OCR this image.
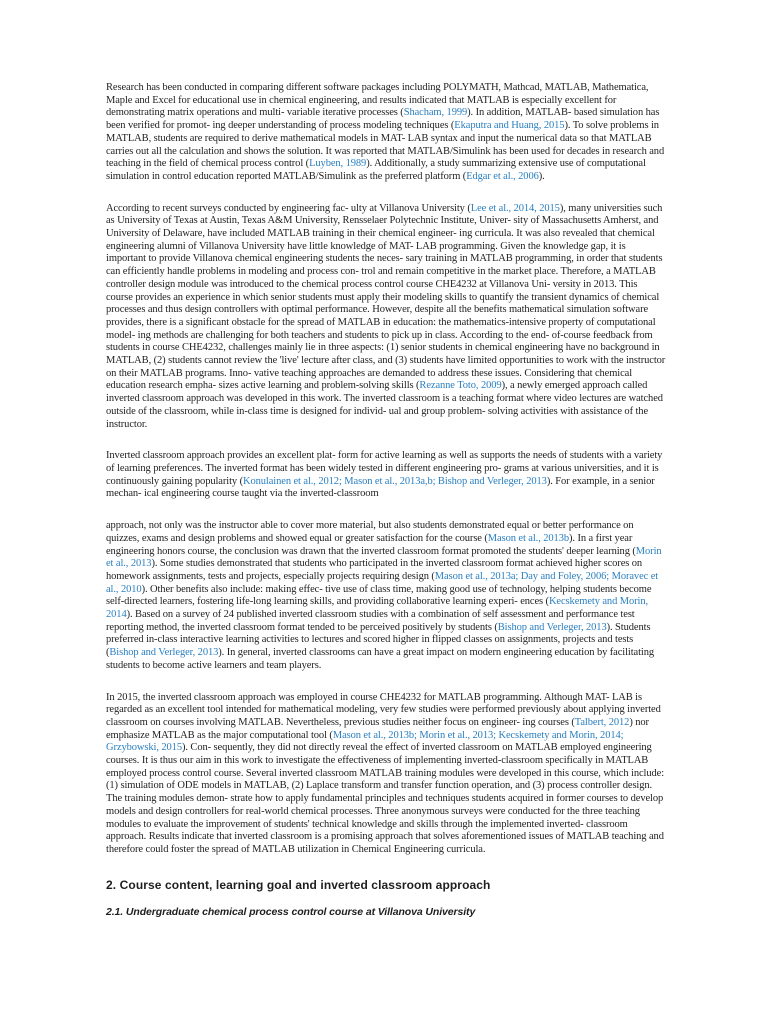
Research has been conducted in comparing different software packages including POLYMATH, Mathcad, MATLAB, Mathematica, Maple and Excel for educational use in chemical engineering, and results indicated that MATLAB is especially excellent for demonstrating matrix operations and multi- variable iterative processes (Shacham, 1999). In addition, MATLAB- based simulation has been verified for promot- ing deeper understanding of process modeling techniques (Ekaputra and Huang, 2015). To solve problems in MATLAB, students are required to derive mathematical models in MAT- LAB syntax and input the numerical data so that MATLAB carries out all the calculation and shows the solution. It was reported that MATLAB/Simulink has been used for decades in research and teaching in the field of chemical process control (Luyben, 1989). Additionally, a study summarizing extensive use of computational simulation in control education reported MATLAB/Simulink as the preferred platform (Edgar et al., 2006).

According to recent surveys conducted by engineering fac- ulty at Villanova University (Lee et al., 2014, 2015), many universities such as University of Texas at Austin, Texas A&M University, Rensselaer Polytechnic Institute, Univer- sity of Massachusetts Amherst, and University of Delaware, have included MATLAB training in their chemical engineer- ing curricula. It was also revealed that chemical engineering alumni of Villanova University have little knowledge of MAT- LAB programming. Given the knowledge gap, it is important to provide Villanova chemical engineering students the neces- sary training in MATLAB programming, in order that students can efficiently handle problems in modeling and process con- trol and remain competitive in the market place. Therefore, a MATLAB controller design module was introduced to the chemical process control course CHE4232 at Villanova Uni- versity in 2013. This course provides an experience in which senior students must apply their modeling skills to quantify the transient dynamics of chemical processes and thus design controllers with optimal performance. However, despite all the benefits mathematical simulation software provides, there is a significant obstacle for the spread of MATLAB in education: the mathematics-intensive property of computational model- ing methods are challenging for both teachers and students to pick up in class. According to the end- of-course feedback from students in course CHE4232, challenges mainly lie in three aspects: (1) senior students in chemical engineering have no background in MATLAB, (2) students cannot review the 'live' lecture after class, and (3) students have limited opportunities to work with the instructor on their MATLAB programs. Inno- vative teaching approaches are demanded to address these issues. Considering that chemical education research empha- sizes active learning and problem-solving skills (Rezanne Toto, 2009), a newly emerged approach called inverted classroom approach was developed in this work. The inverted classroom is a teaching format where video lectures are watched outside of the classroom, while in-class time is designed for individ- ual and group problem- solving activities with assistance of the instructor.

Inverted classroom approach provides an excellent plat- form for active learning as well as supports the needs of students with a variety of learning preferences. The inverted format has been widely tested in different engineering pro- grams at various universities, and it is continuously gaining popularity (Konulainen et al., 2012; Mason et al., 2013a,b; Bishop and Verleger, 2013). For example, in a senior mechan- ical engineering course taught via the inverted-classroom

approach, not only was the instructor able to cover more material, but also students demonstrated equal or better performance on quizzes, exams and design problems and showed equal or greater satisfaction for the course (Mason et al., 2013b). In a first year engineering honors course, the conclusion was drawn that the inverted classroom format promoted the students' deeper learning (Morin et al., 2013). Some studies demonstrated that students who participated in the inverted classroom format achieved higher scores on homework assignments, tests and projects, especially projects requiring design (Mason et al., 2013a; Day and Foley, 2006; Moravec et al., 2010). Other benefits also include: making effec- tive use of class time, making good use of technology, helping students become self-directed learners, fostering life-long learning skills, and providing collaborative learning experi- ences (Kecskemety and Morin, 2014). Based on a survey of 24 published inverted classroom studies with a combination of self assessment and performance test reporting method, the inverted classroom format tended to be perceived positively by students (Bishop and Verleger, 2013). Students preferred in-class interactive learning activities to lectures and scored higher in flipped classes on assignments, projects and tests (Bishop and Verleger, 2013). In general, inverted classrooms can have a great impact on modern engineering education by facilitating students to become active learners and team players.

In 2015, the inverted classroom approach was employed in course CHE4232 for MATLAB programming. Although MAT- LAB is regarded as an excellent tool intended for mathematical modeling, very few studies were performed previously about applying inverted classroom on courses involving MATLAB. Nevertheless, previous studies neither focus on engineer- ing courses (Talbert, 2012) nor emphasize MATLAB as the major computational tool (Mason et al., 2013b; Morin et al., 2013; Kecskemety and Morin, 2014; Grzybowski, 2015). Con- sequently, they did not directly reveal the effect of inverted classroom on MATLAB employed engineering courses. It is thus our aim in this work to investigate the effectiveness of implementing inverted-classroom specifically in MATLAB employed process control course. Several inverted classroom MATLAB training modules were developed in this course, which include: (1) simulation of ODE models in MATLAB, (2) Laplace transform and transfer function operation, and (3) process controller design. The training modules demon- strate how to apply fundamental principles and techniques students acquired in former courses to develop models and design controllers for real-world chemical processes. Three anonymous surveys were conducted for the three teaching modules to evaluate the improvement of students' technical knowledge and skills through the implemented inverted- classroom approach. Results indicate that inverted classroom is a promising approach that solves aforementioned issues of MATLAB teaching and therefore could foster the spread of MATLAB utilization in Chemical Engineering curricula.

2. Course content, learning goal and inverted classroom approach
2.1. Undergraduate chemical process control course at Villanova University
